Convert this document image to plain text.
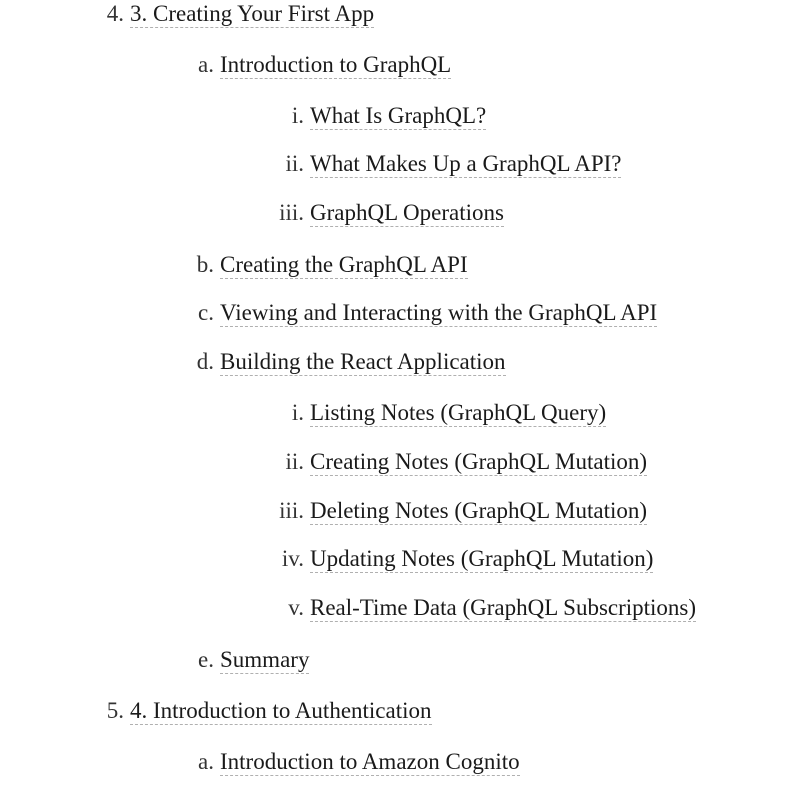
4. 3. Creating Your First App
a. Introduction to GraphQL
i. What Is GraphQL?
ii. What Makes Up a GraphQL API?
iii. GraphQL Operations
b. Creating the GraphQL API
c. Viewing and Interacting with the GraphQL API
d. Building the React Application
i. Listing Notes (GraphQL Query)
ii. Creating Notes (GraphQL Mutation)
iii. Deleting Notes (GraphQL Mutation)
iv. Updating Notes (GraphQL Mutation)
v. Real-Time Data (GraphQL Subscriptions)
e. Summary
5. 4. Introduction to Authentication
a. Introduction to Amazon Cognito
